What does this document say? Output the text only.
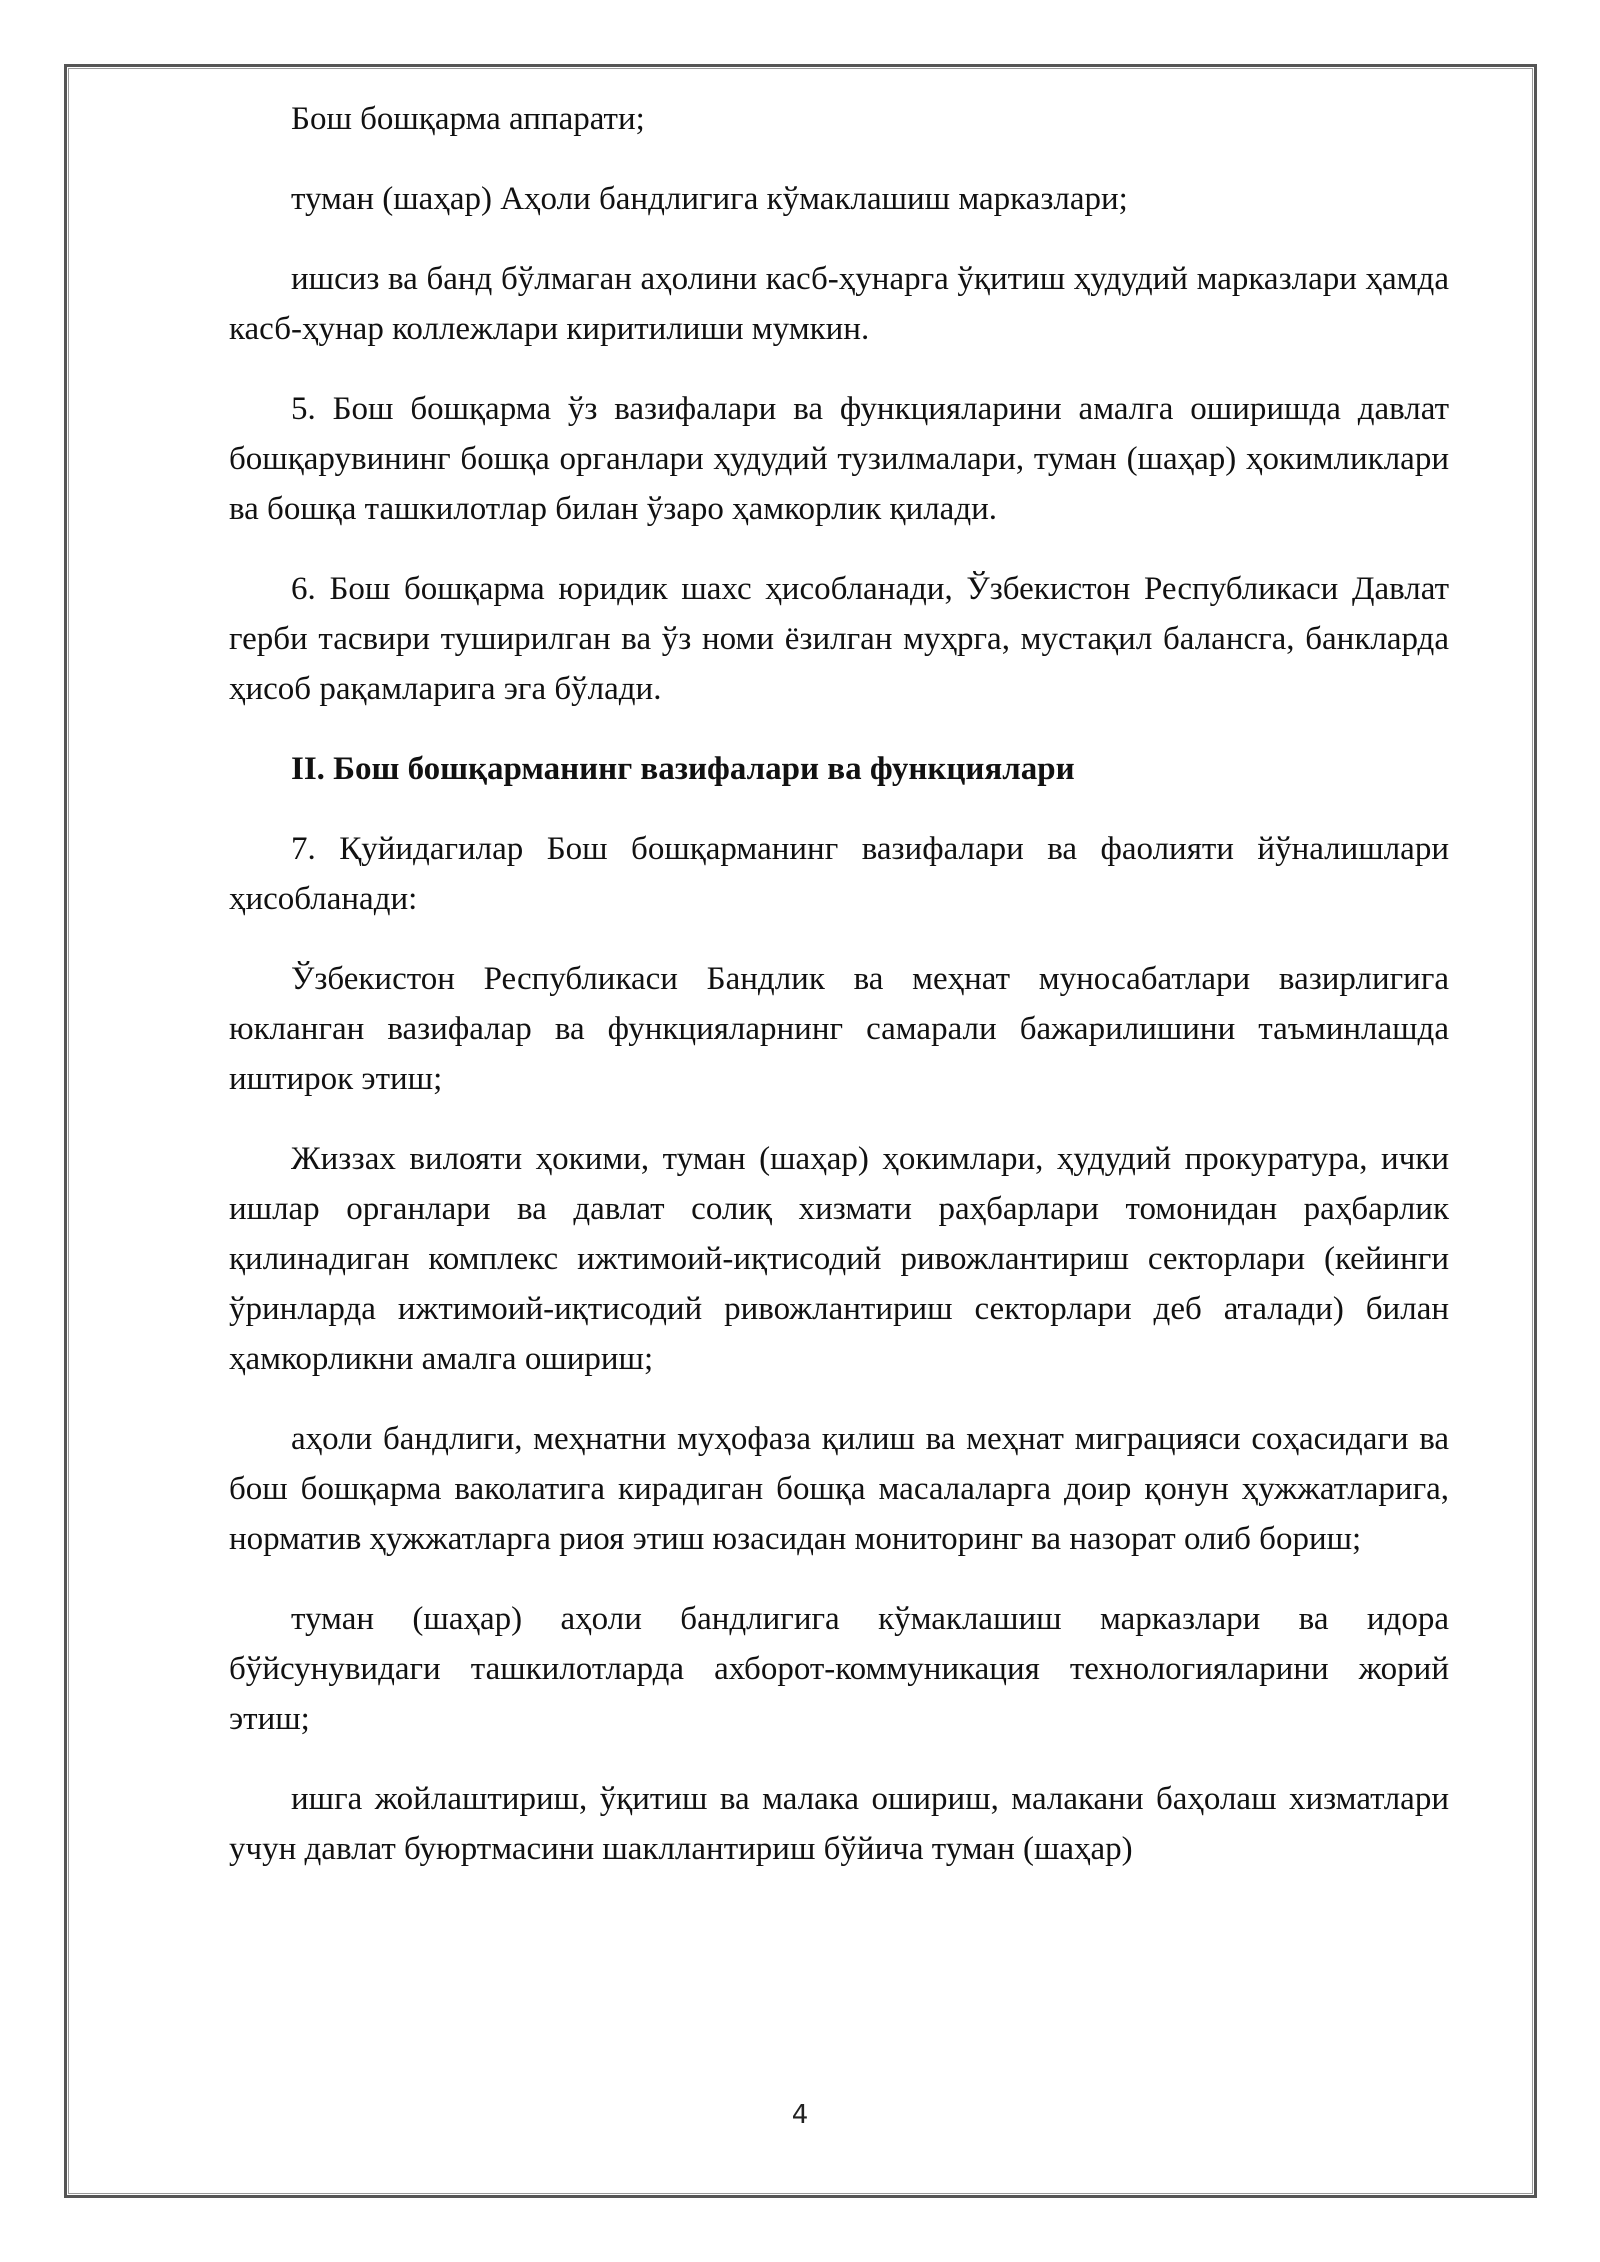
Бош бошқарма аппарати;

туман (шаҳар) Аҳоли бандлигига кўмаклашиш марказлари;

ишсиз ва банд бўлмаган аҳолини касб-ҳунарга ўқитиш ҳудудий марказлари ҳамда касб-ҳунар коллежлари киритилиши мумкин.

5. Бош бошқарма ўз вазифалари ва функцияларини амалга оширишда давлат бошқарувининг бошқа органлари ҳудудий тузилмалари, туман (шаҳар) ҳокимликлари ва бошқа ташкилотлар билан ўзаро ҳамкорлик қилади.

6. Бош бошқарма юридик шахс ҳисобланади, Ўзбекистон Республикаси Давлат герби тасвири туширилган ва ўз номи ёзилган муҳрга, мустақил балансга, банкларда ҳисоб рақамларига эга бўлади.

II. Бош бошқарманинг вазифалари ва функциялари

7. Қуйидагилар Бош бошқарманинг вазифалари ва фаолияти йўналишлари ҳисобланади:

Ўзбекистон Республикаси Бандлик ва меҳнат муносабатлари вазирлигига юкланган вазифалар ва функцияларнинг самарали бажарилишини таъминлашда иштирок этиш;

Жиззах вилояти ҳокими, туман (шаҳар) ҳокимлари, ҳудудий прокуратура, ички ишлар органлари ва давлат солиқ хизмати раҳбарлари томонидан раҳбарлик қилинадиган комплекс ижтимоий-иқтисодий ривожлантириш секторлари (кейинги ўринларда ижтимоий-иқтисодий ривожлантириш секторлари деб аталади) билан ҳамкорликни амалга ошириш;

аҳоли бандлиги, меҳнатни муҳофаза қилиш ва меҳнат миграцияси соҳасидаги ва бош бошқарма ваколатига кирадиган бошқа масалаларга доир қонун ҳужжатларига, норматив ҳужжатларга риоя этиш юзасидан мониторинг ва назорат олиб бориш;

туман (шаҳар) аҳоли бандлигига кўмаклашиш марказлари ва идора бўйсунувидаги ташкилотларда ахборот-коммуникация технологияларини жорий этиш;

ишга жойлаштириш, ўқитиш ва малака ошириш, малакани баҳолаш хизматлари учун давлат буюртмасини шакллантириш бўйича туман (шаҳар)

4
